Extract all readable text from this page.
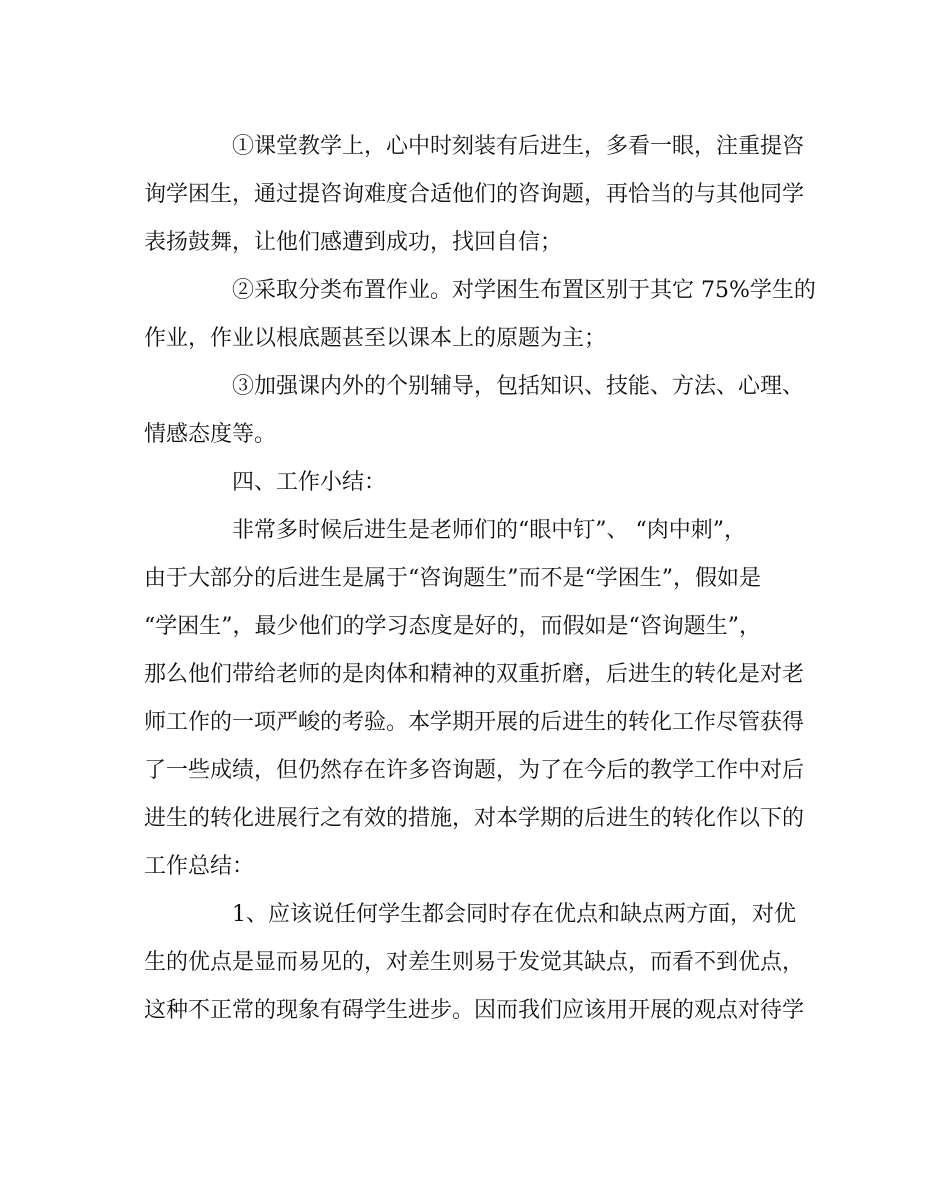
①课堂教学上，心中时刻装有后进生，多看一眼，注重提咨
询学困生，通过提咨询难度合适他们的咨询题，再恰当的与其他同学
表扬鼓舞，让他们感遭到成功，找回自信；
②采取分类布置作业。对学困生布置区别于其它 75%学生的
作业，作业以根底题甚至以课本上的原题为主；
③加强课内外的个别辅导，包括知识、技能、方法、心理、
情感态度等。
四、工作小结：
非常多时候后进生是老师们的“眼中钉”、 “肉中刺”，
由于大部分的后进生是属于“咨询题生”而不是“学困生”，假如是
“学困生”，最少他们的学习态度是好的，而假如是“咨询题生”，
那么他们带给老师的是肉体和精神的双重折磨，后进生的转化是对老
师工作的一项严峻的考验。本学期开展的后进生的转化工作尽管获得
了一些成绩，但仍然存在许多咨询题，为了在今后的教学工作中对后
进生的转化进展行之有效的措施，对本学期的后进生的转化作以下的
工作总结：
1、应该说任何学生都会同时存在优点和缺点两方面，对优
生的优点是显而易见的，对差生则易于发觉其缺点，而看不到优点，
这种不正常的现象有碍学生进步。因而我们应该用开展的观点对待学
